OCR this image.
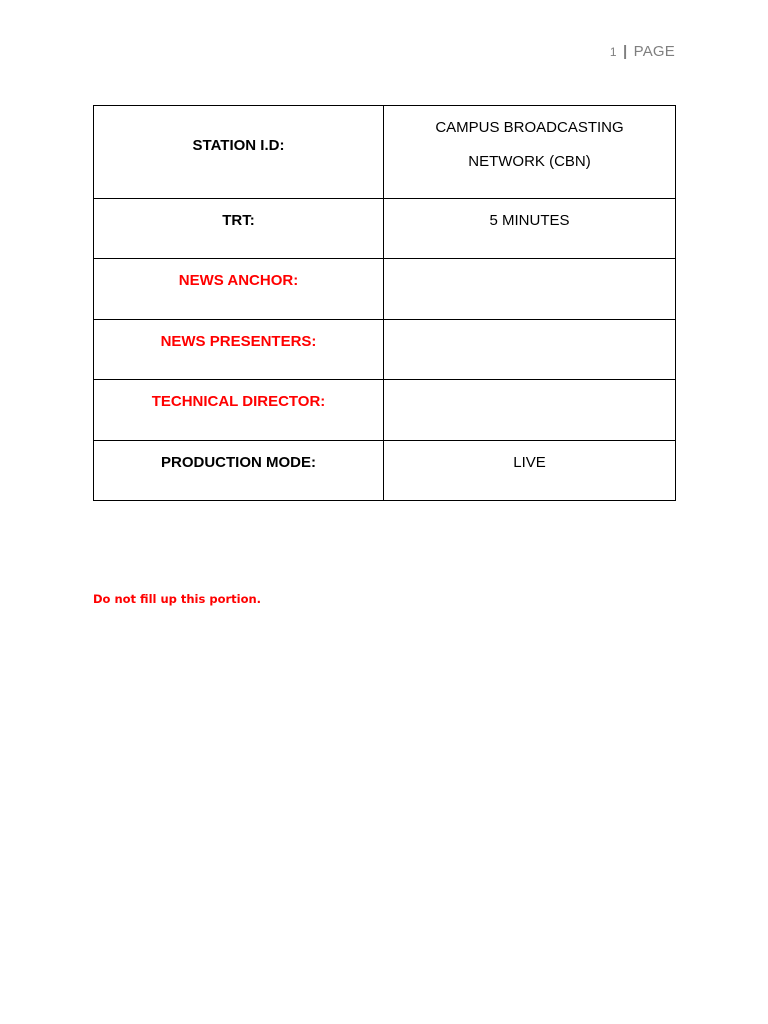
1 | PAGE
STATION I.D:	CAMPUS BROADCASTING
NETWORK (CBN)

TRT:	5 MINUTES

NEWS ANCHOR:	

NEWS PRESENTERS:	

TECHNICAL DIRECTOR:	

PRODUCTION MODE:	LIVE
Do not fill up this portion.
